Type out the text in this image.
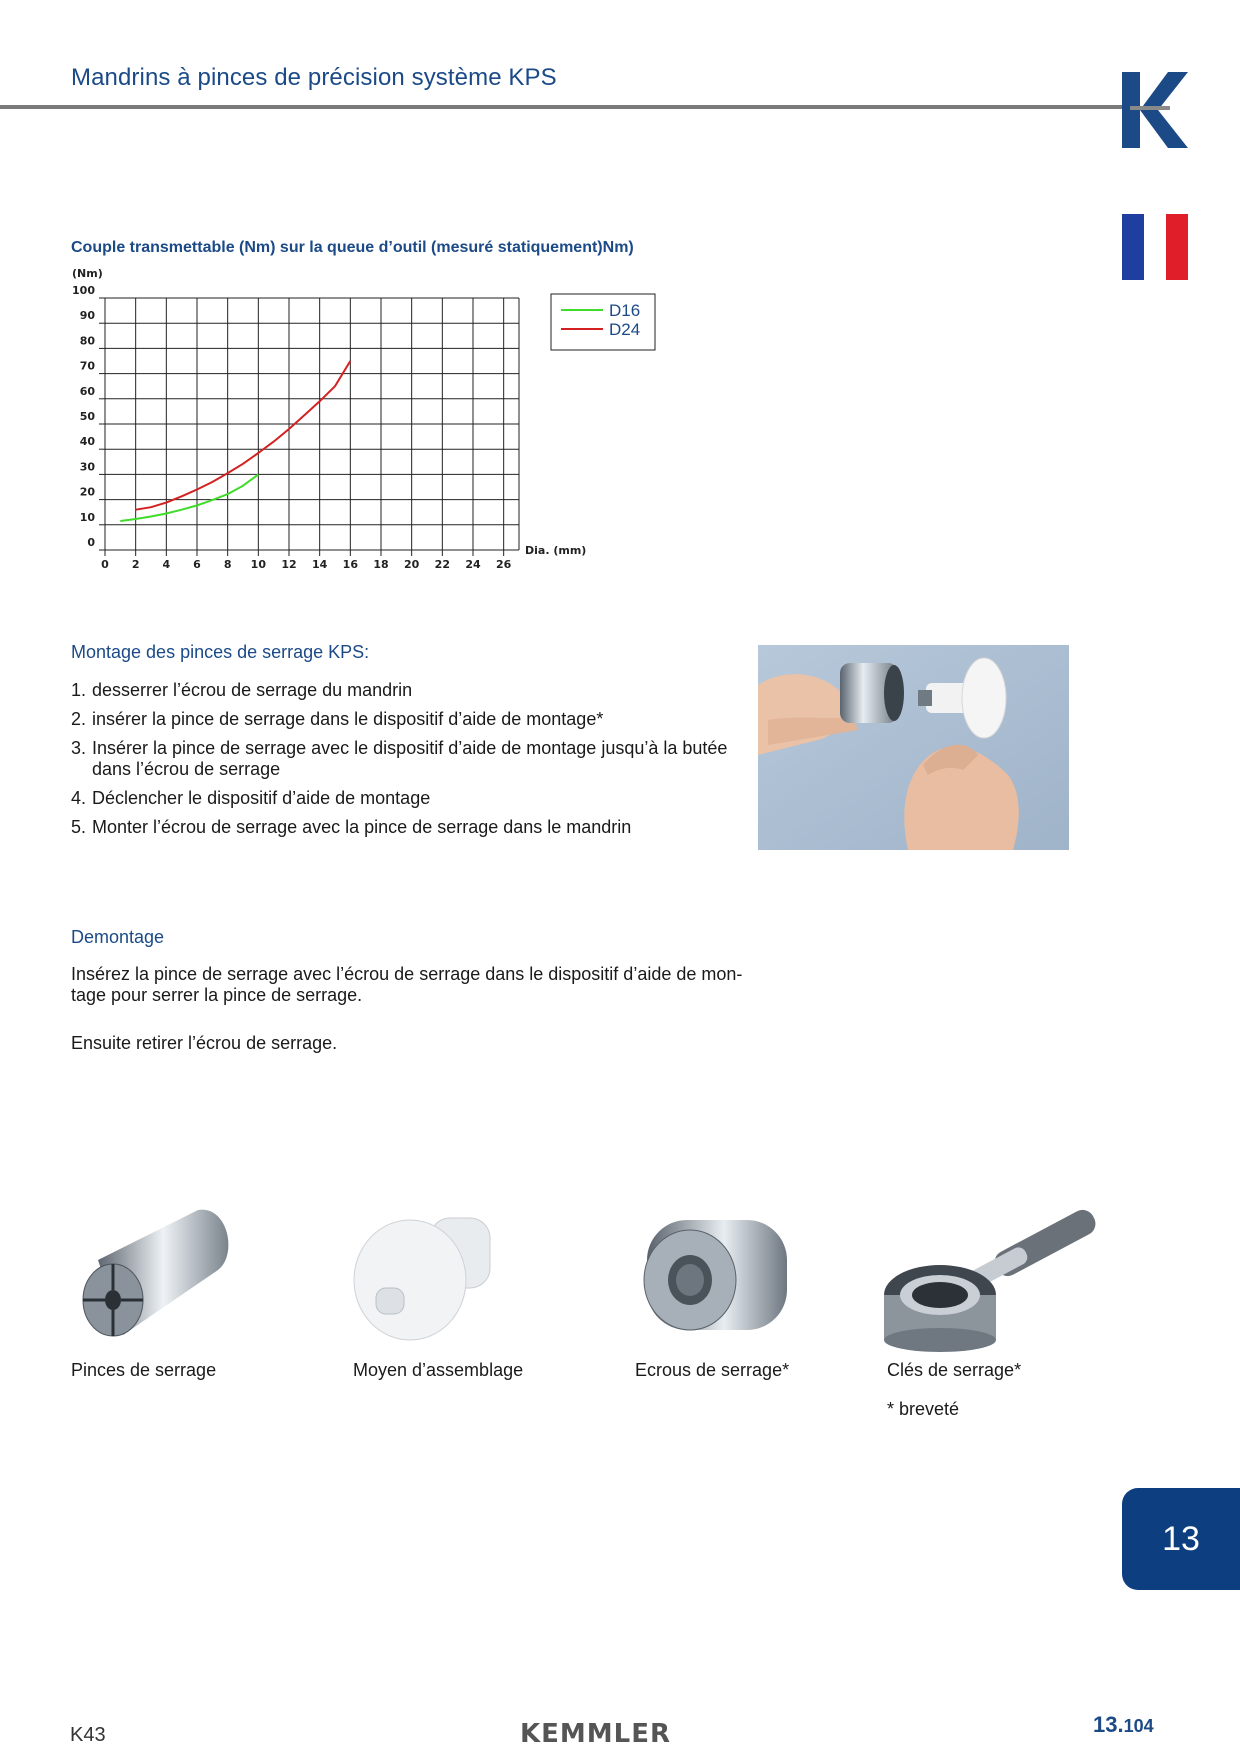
Mandrins à pinces de précision système KPS
Couple transmettable (Nm) sur la queue d’outil (mesuré statiquement)Nm)
0
10
20
30
40
50
60
70
80
90
100
0 2 4 6 8 10 12 14 16 18 20 22 24 26
(Nm)
Dia. (mm)
D16
D24
Montage des pinces de serrage KPS:
1. desserrer l’écrou de serrage du mandrin
2. insérer la pince de serrage dans le dispositif d’aide de montage*
3. Insérer la pince de serrage avec le dispositif d’aide de montage jusqu’à la butée dans l’écrou de serrage
4. Déclencher le dispositif d’aide de montage
5. Monter l’écrou de serrage avec la pince de serrage dans le mandrin
Demontage
Insérez la pince de serrage avec l’écrou de serrage dans le dispositif d’aide de mon-tage pour serrer la pince de serrage.
Ensuite retirer l’écrou de serrage.
Pinces de serrage	Moyen d’assemblage	Ecrous de serrage*	Clés de serrage*
* breveté
13
K43	KEMMLER	13.104
